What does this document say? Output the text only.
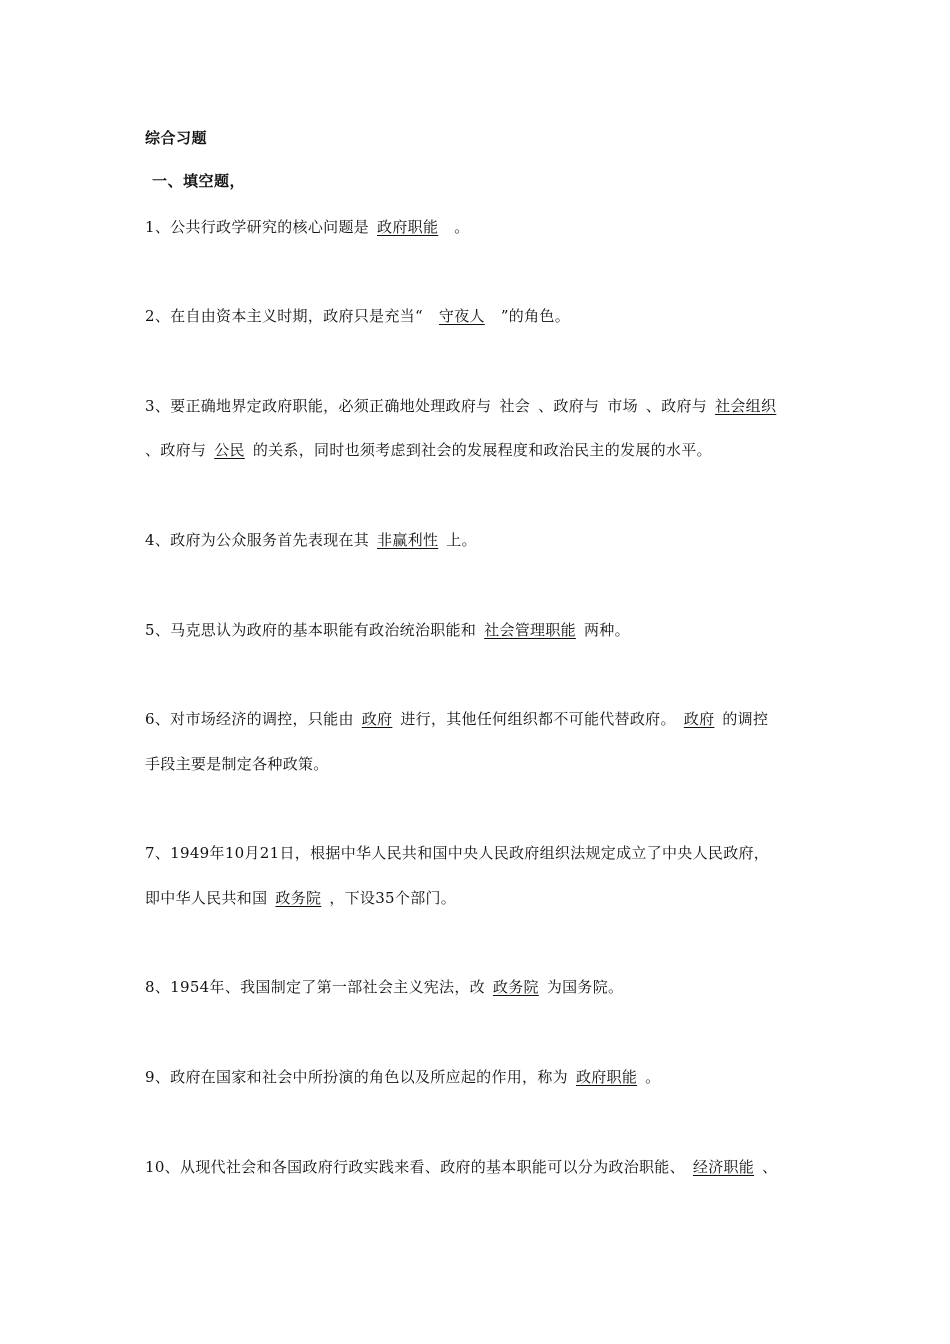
综合习题
一、填空题，
1、公共行政学研究的核心问题是 政府职能 。
2、在自由资本主义时期，政府只是充当“ 守夜人 ”的角色。
3、要正确地界定政府职能，必须正确地处理政府与 社会 、政府与 市场 、政府与 社会组织
、政府与 公民 的关系，同时也须考虑到社会的发展程度和政治民主的发展的水平。
4、政府为公众服务首先表现在其 非赢利性 上。
5、马克思认为政府的基本职能有政治统治职能和 社会管理职能 两种。
6、对市场经济的调控，只能由 政府 进行，其他任何组织都不可能代替政府。 政府 的调控
手段主要是制定各种政策。
7、1949年10月21日，根据中华人民共和国中央人民政府组织法规定成立了中央人民政府，
即中华人民共和国 政务院 ，下设35个部门。
8、1954年、我国制定了第一部社会主义宪法，改 政务院 为国务院。
9、政府在国家和社会中所扮演的角色以及所应起的作用，称为 政府职能 。
10、从现代社会和各国政府行政实践来看、政府的基本职能可以分为政治职能、 经济职能 、
